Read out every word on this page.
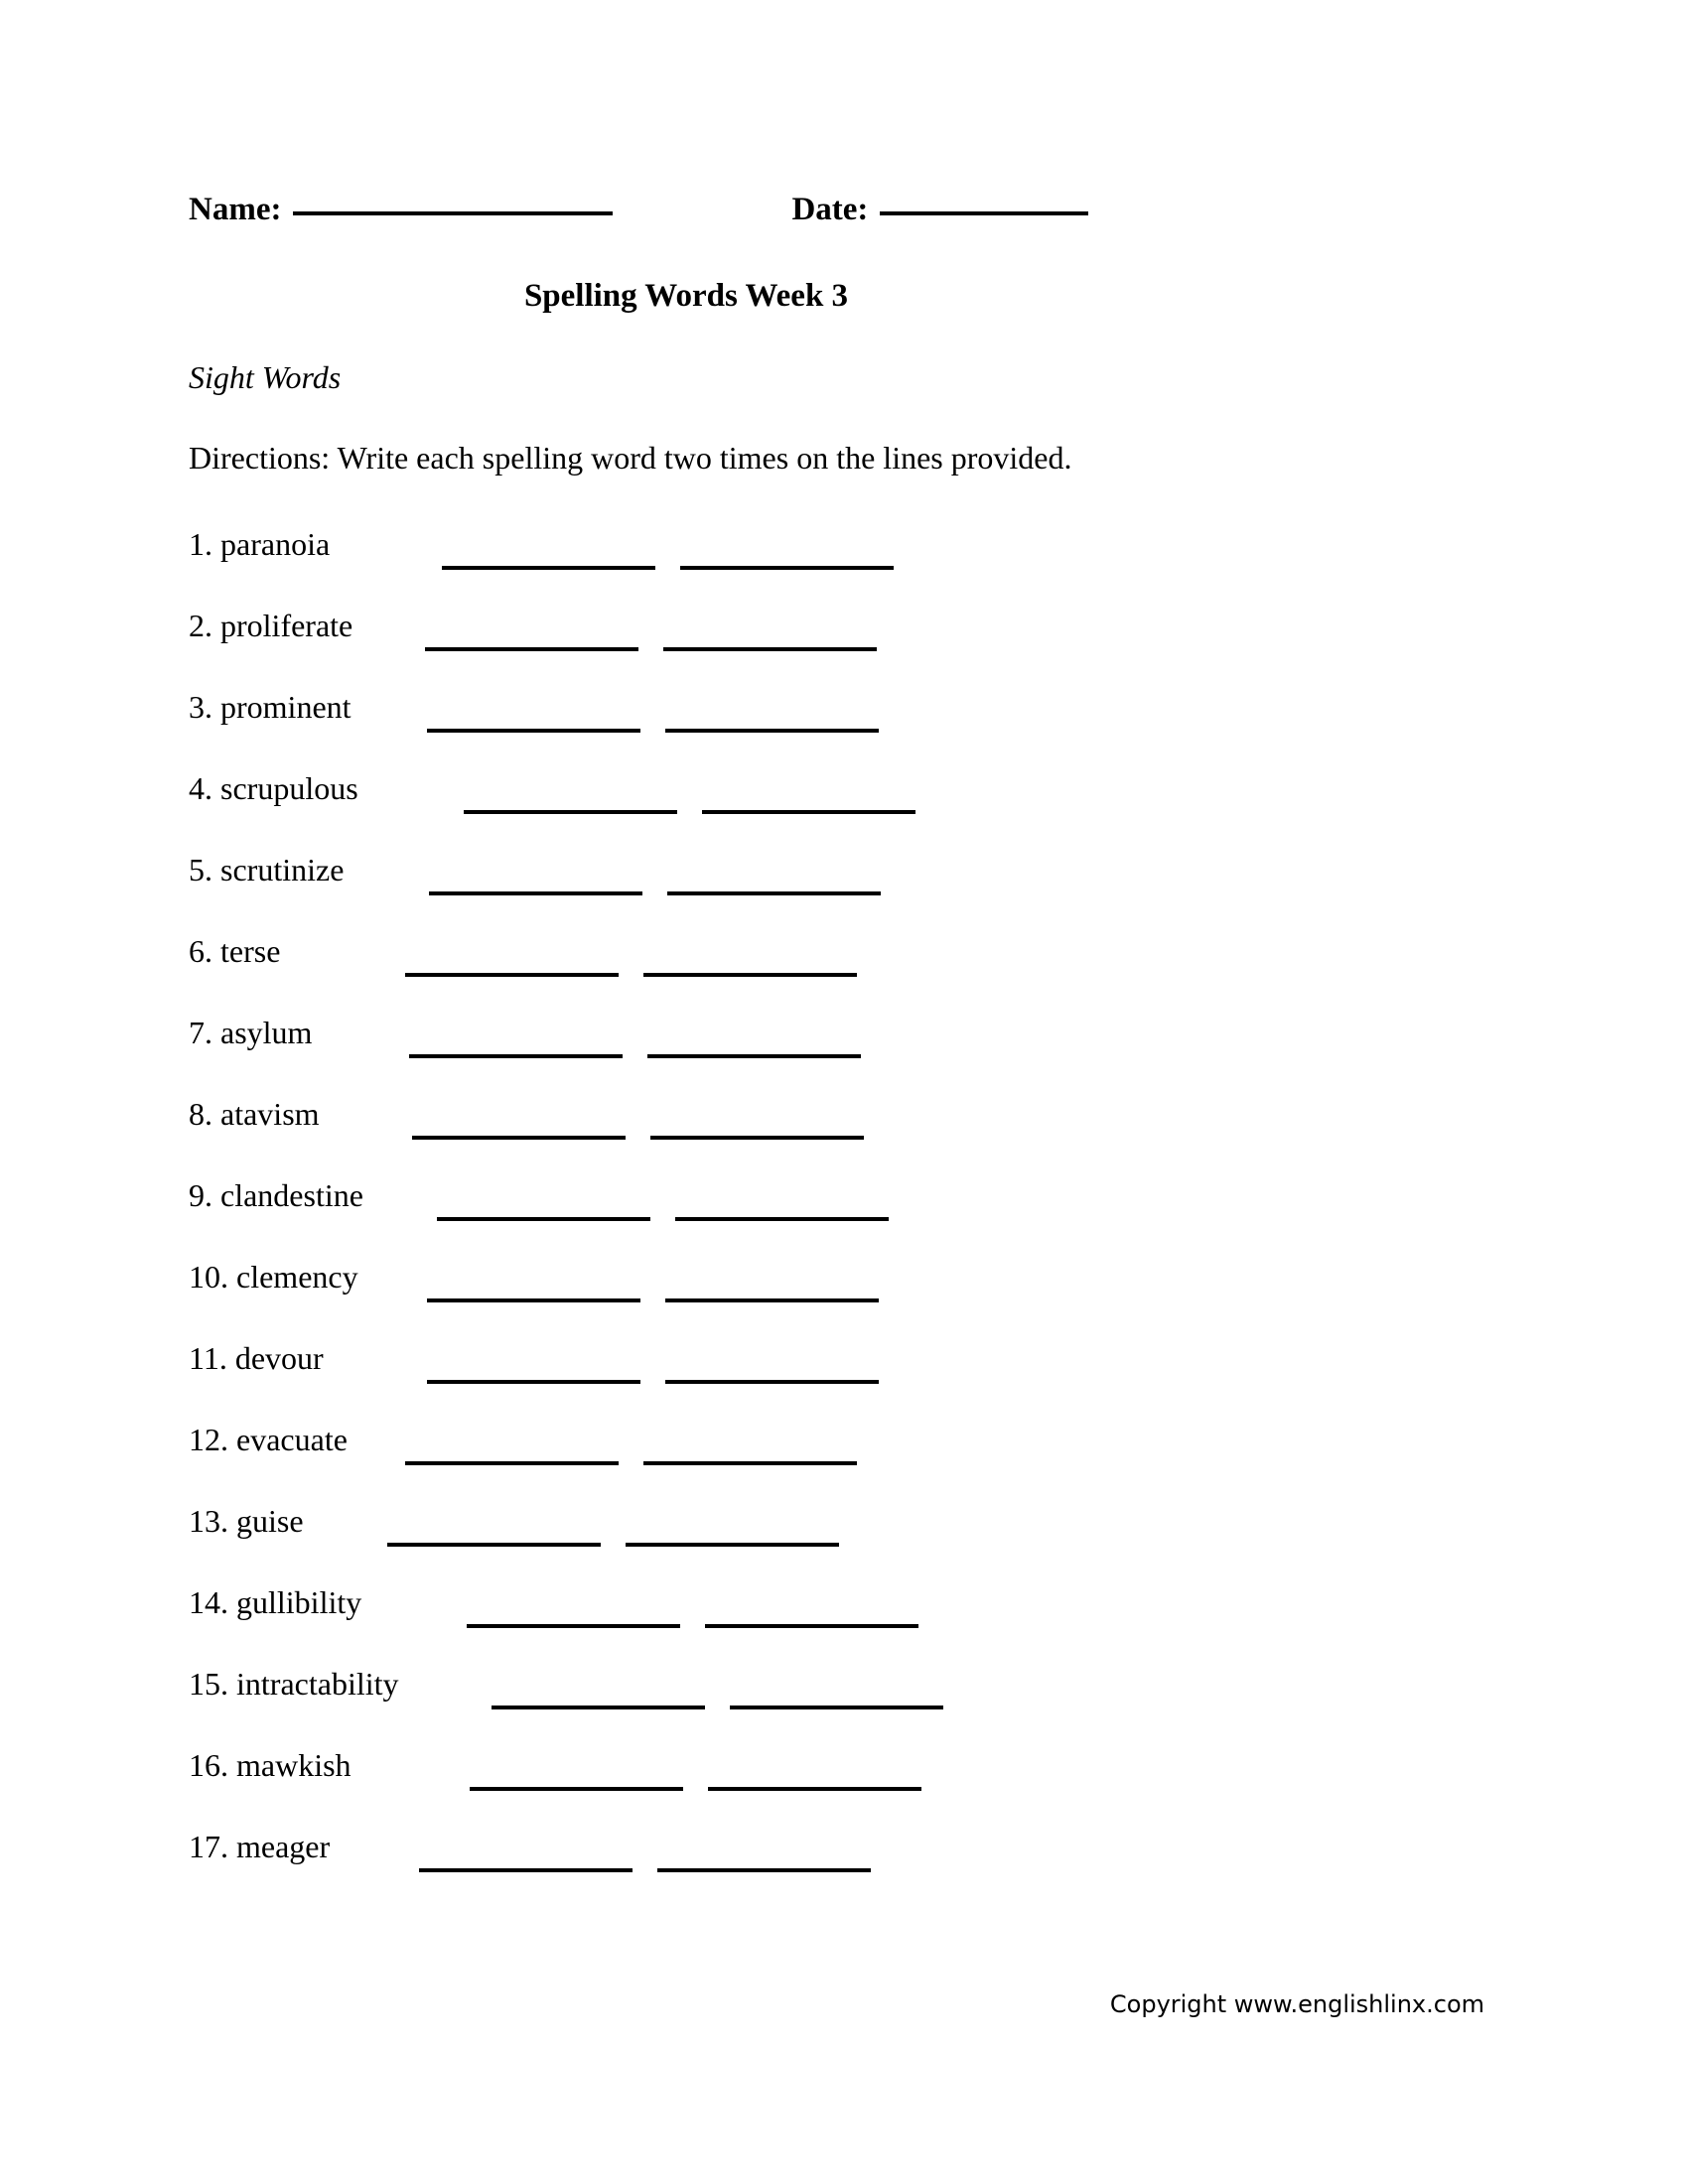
Name:	Date:
Spelling Words Week 3
Sight Words
Directions: Write each spelling word two times on the lines provided.
1. paranoia
2. proliferate
3. prominent
4. scrupulous
5. scrutinize
6. terse
7. asylum
8. atavism
9. clandestine
10. clemency
11. devour
12. evacuate
13. guise
14. gullibility
15. intractability
16. mawkish
17. meager
Copyright www.englishlinx.com
